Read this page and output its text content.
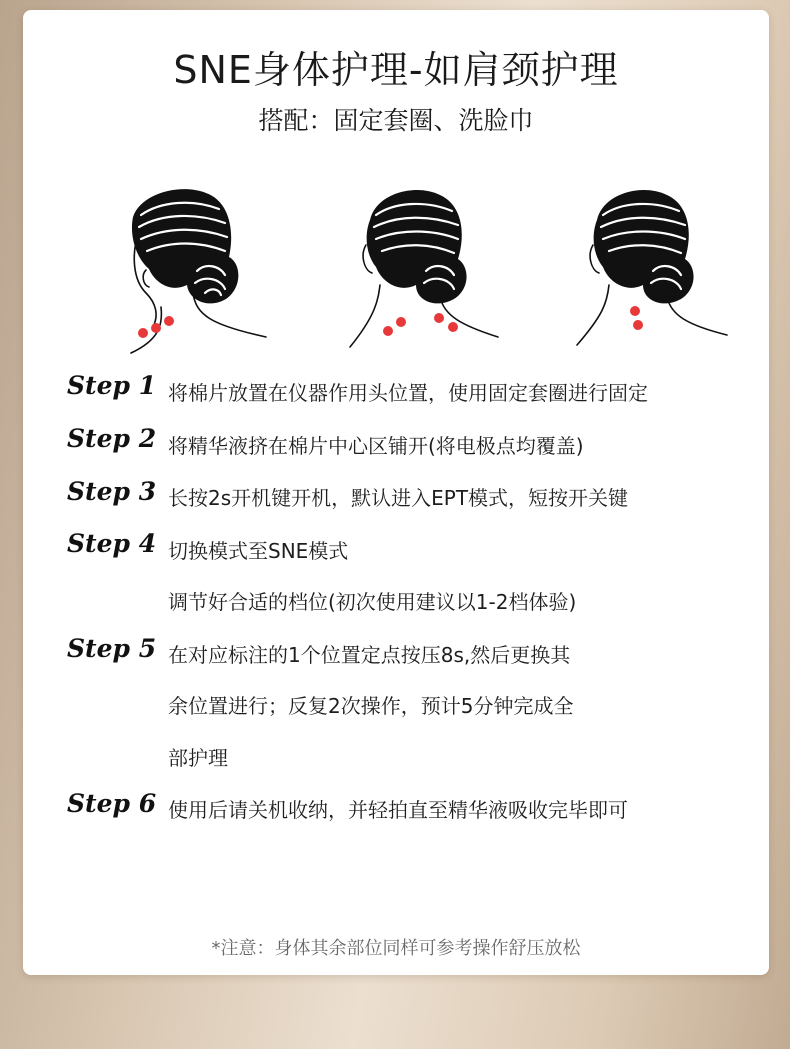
SNE身体护理-如肩颈护理
搭配：固定套圈、洗脸巾
Step 1 将棉片放置在仪器作用头位置，使用固定套圈进行固定
Step 2 将精华液挤在棉片中心区铺开(将电极点均覆盖)
Step 3 长按2s开机键开机，默认进入EPT模式，短按开关键
Step 4 切换模式至SNE模式
调节好合适的档位(初次使用建议以1-2档体验)
Step 5 在对应标注的1个位置定点按压8s,然后更换其
余位置进行；反复2次操作，预计5分钟完成全
部护理
Step 6 使用后请关机收纳，并轻拍直至精华液吸收完毕即可
*注意：身体其余部位同样可参考操作舒压放松
